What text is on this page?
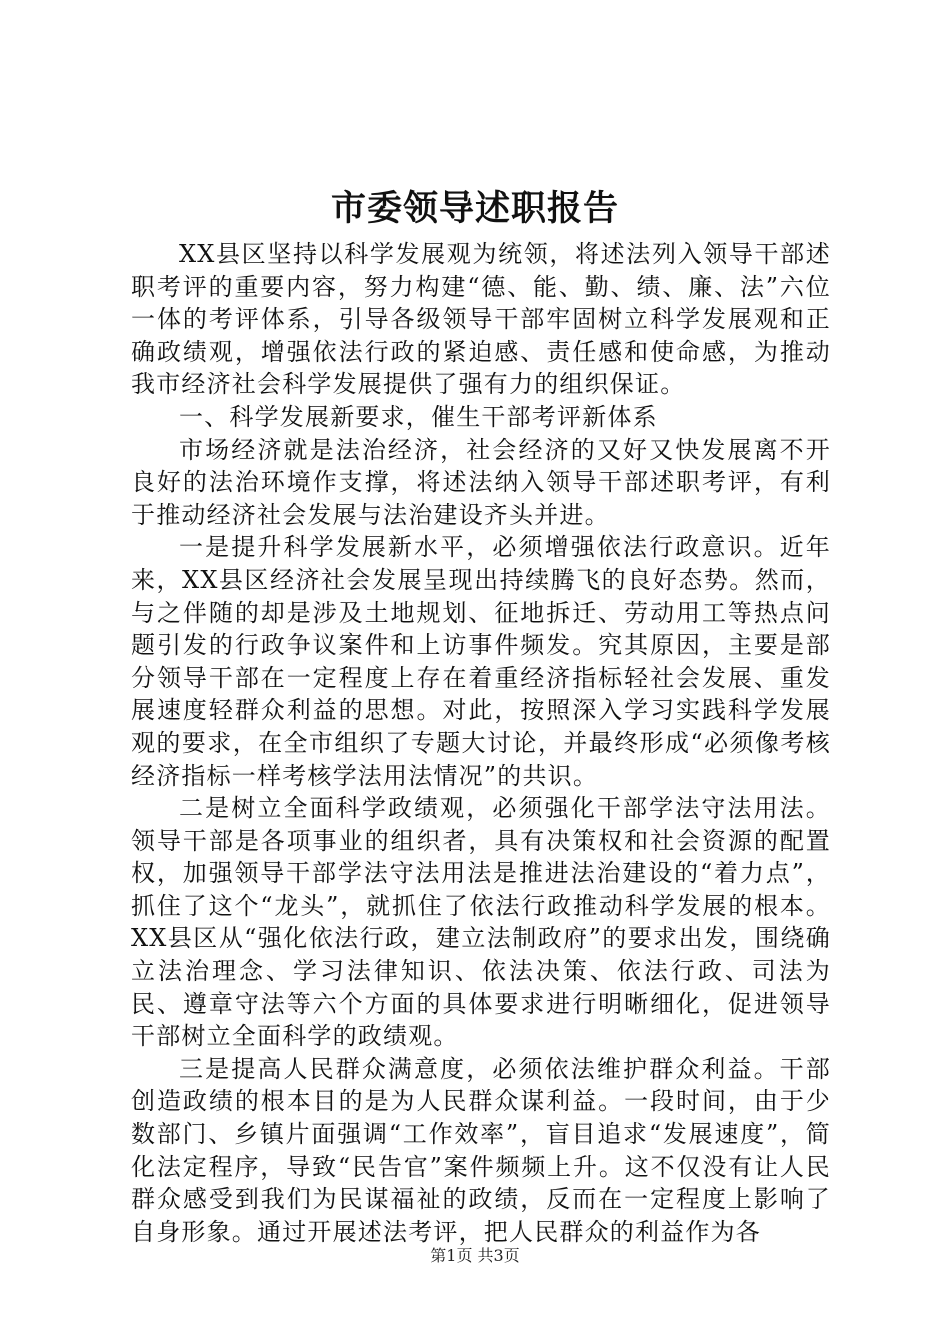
市委领导述职报告

XX县区坚持以科学发展观为统领，将述法列入领导干部述职考评的重要内容，努力构建“德、能、勤、绩、廉、法”六位一体的考评体系，引导各级领导干部牢固树立科学发展观和正确政绩观，增强依法行政的紧迫感、责任感和使命感，为推动我市经济社会科学发展提供了强有力的组织保证。

一、科学发展新要求，催生干部考评新体系

市场经济就是法治经济，社会经济的又好又快发展离不开良好的法治环境作支撑，将述法纳入领导干部述职考评，有利于推动经济社会发展与法治建设齐头并进。

一是提升科学发展新水平，必须增强依法行政意识。近年来，XX县区经济社会发展呈现出持续腾飞的良好态势。然而，与之伴随的却是涉及土地规划、征地拆迁、劳动用工等热点问题引发的行政争议案件和上访事件频发。究其原因，主要是部分领导干部在一定程度上存在着重经济指标轻社会发展、重发展速度轻群众利益的思想。对此，按照深入学习实践科学发展观的要求，在全市组织了专题大讨论，并最终形成“必须像考核经济指标一样考核学法用法情况”的共识。

二是树立全面科学政绩观，必须强化干部学法守法用法。领导干部是各项事业的组织者，具有决策权和社会资源的配置权，加强领导干部学法守法用法是推进法治建设的“着力点”，抓住了这个“龙头”，就抓住了依法行政推动科学发展的根本。XX县区从“强化依法行政，建立法制政府”的要求出发，围绕确立法治理念、学习法律知识、依法决策、依法行政、司法为民、遵章守法等六个方面的具体要求进行明晰细化，促进领导干部树立全面科学的政绩观。

三是提高人民群众满意度，必须依法维护群众利益。干部创造政绩的根本目的是为人民群众谋利益。一段时间，由于少数部门、乡镇片面强调“工作效率”，盲目追求“发展速度”，简化法定程序，导致“民告官”案件频频上升。这不仅没有让人民群众感受到我们为民谋福祉的政绩，反而在一定程度上影响了自身形象。通过开展述法考评，把人民群众的利益作为各

第1页 共3页
